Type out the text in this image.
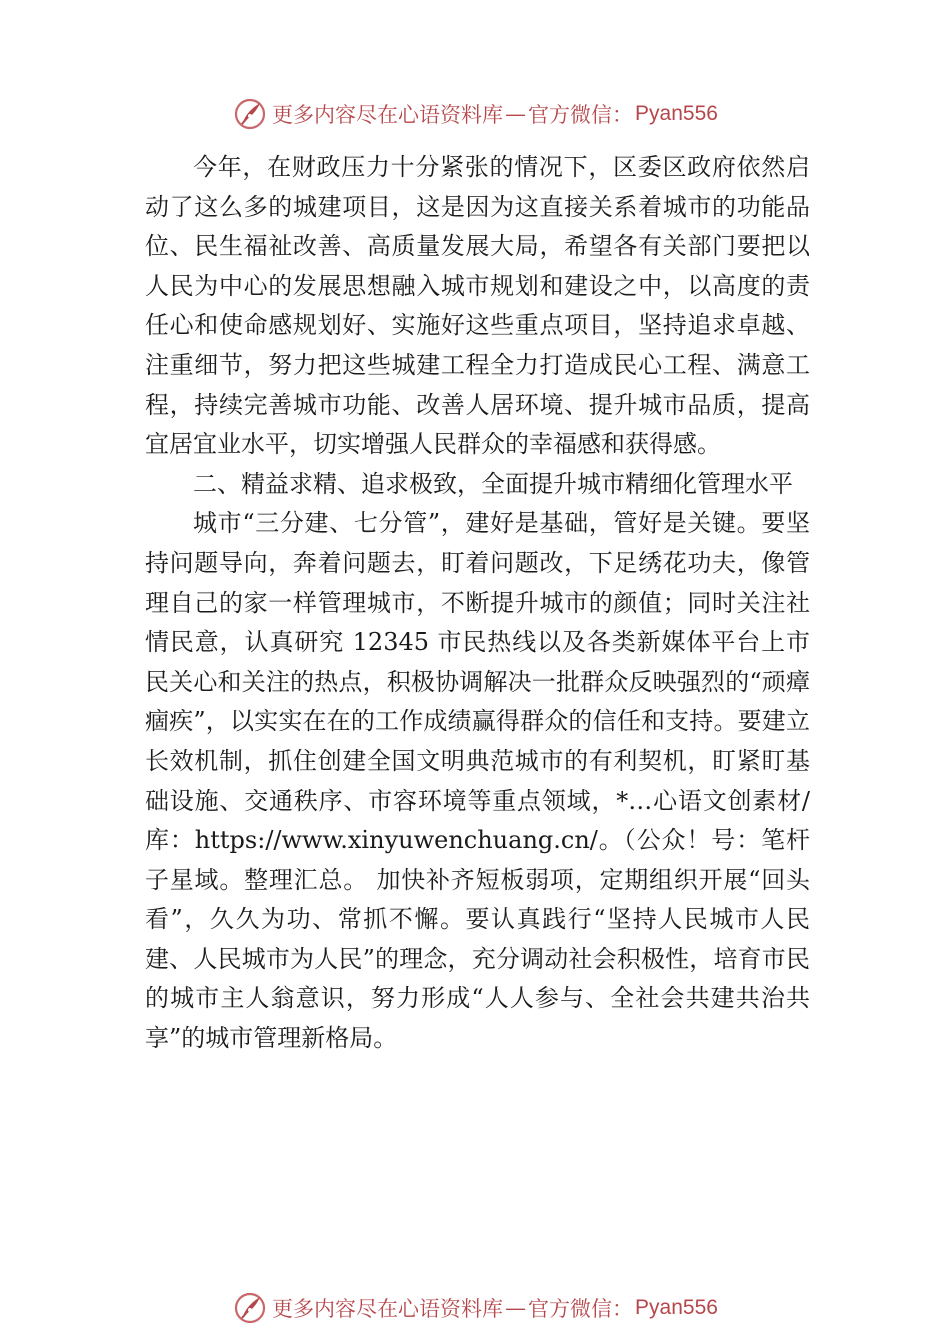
更多内容尽在心语资料库 — 官方微信： Pyan556

今年，在财政压力十分紧张的情况下，区委区政府依然启动了这么多的城建项目，这是因为这直接关系着城市的功能品位、民生福祉改善、高质量发展大局，希望各有关部门要把以人民为中心的发展思想融入城市规划和建设之中，以高度的责任心和使命感规划好、实施好这些重点项目，坚持追求卓越、注重细节，努力把这些城建工程全力打造成民心工程、满意工程，持续完善城市功能、改善人居环境、提升城市品质，提高宜居宜业水平，切实增强人民群众的幸福感和获得感。

二、精益求精、追求极致，全面提升城市精细化管理水平

城市“三分建、七分管”，建好是基础，管好是关键。要坚持问题导向，奔着问题去，盯着问题改，下足绣花功夫，像管理自己的家一样管理城市，不断提升城市的颜值；同时关注社情民意，认真研究 12345 市民热线以及各类新媒体平台上市民关心和关注的热点，积极协调解决一批群众反映强烈的“顽瘴痼疾”，以实实在在的工作成绩赢得群众的信任和支持。要建立长效机制，抓住创建全国文明典范城市的有利契机，盯紧盯基础设施、交通秩序、市容环境等重点领域，*…心语文创素材/库：https://www.xinyuwenchuang.cn/。（公众！号：笔杆子星域。整理汇总。 加快补齐短板弱项，定期组织开展“回头看”，久久为功、常抓不懈。要认真践行“坚持人民城市人民建、人民城市为人民”的理念，充分调动社会积极性，培育市民的城市主人翁意识，努力形成“人人参与、全社会共建共治共享”的城市管理新格局。

更多内容尽在心语资料库 — 官方微信： Pyan556
